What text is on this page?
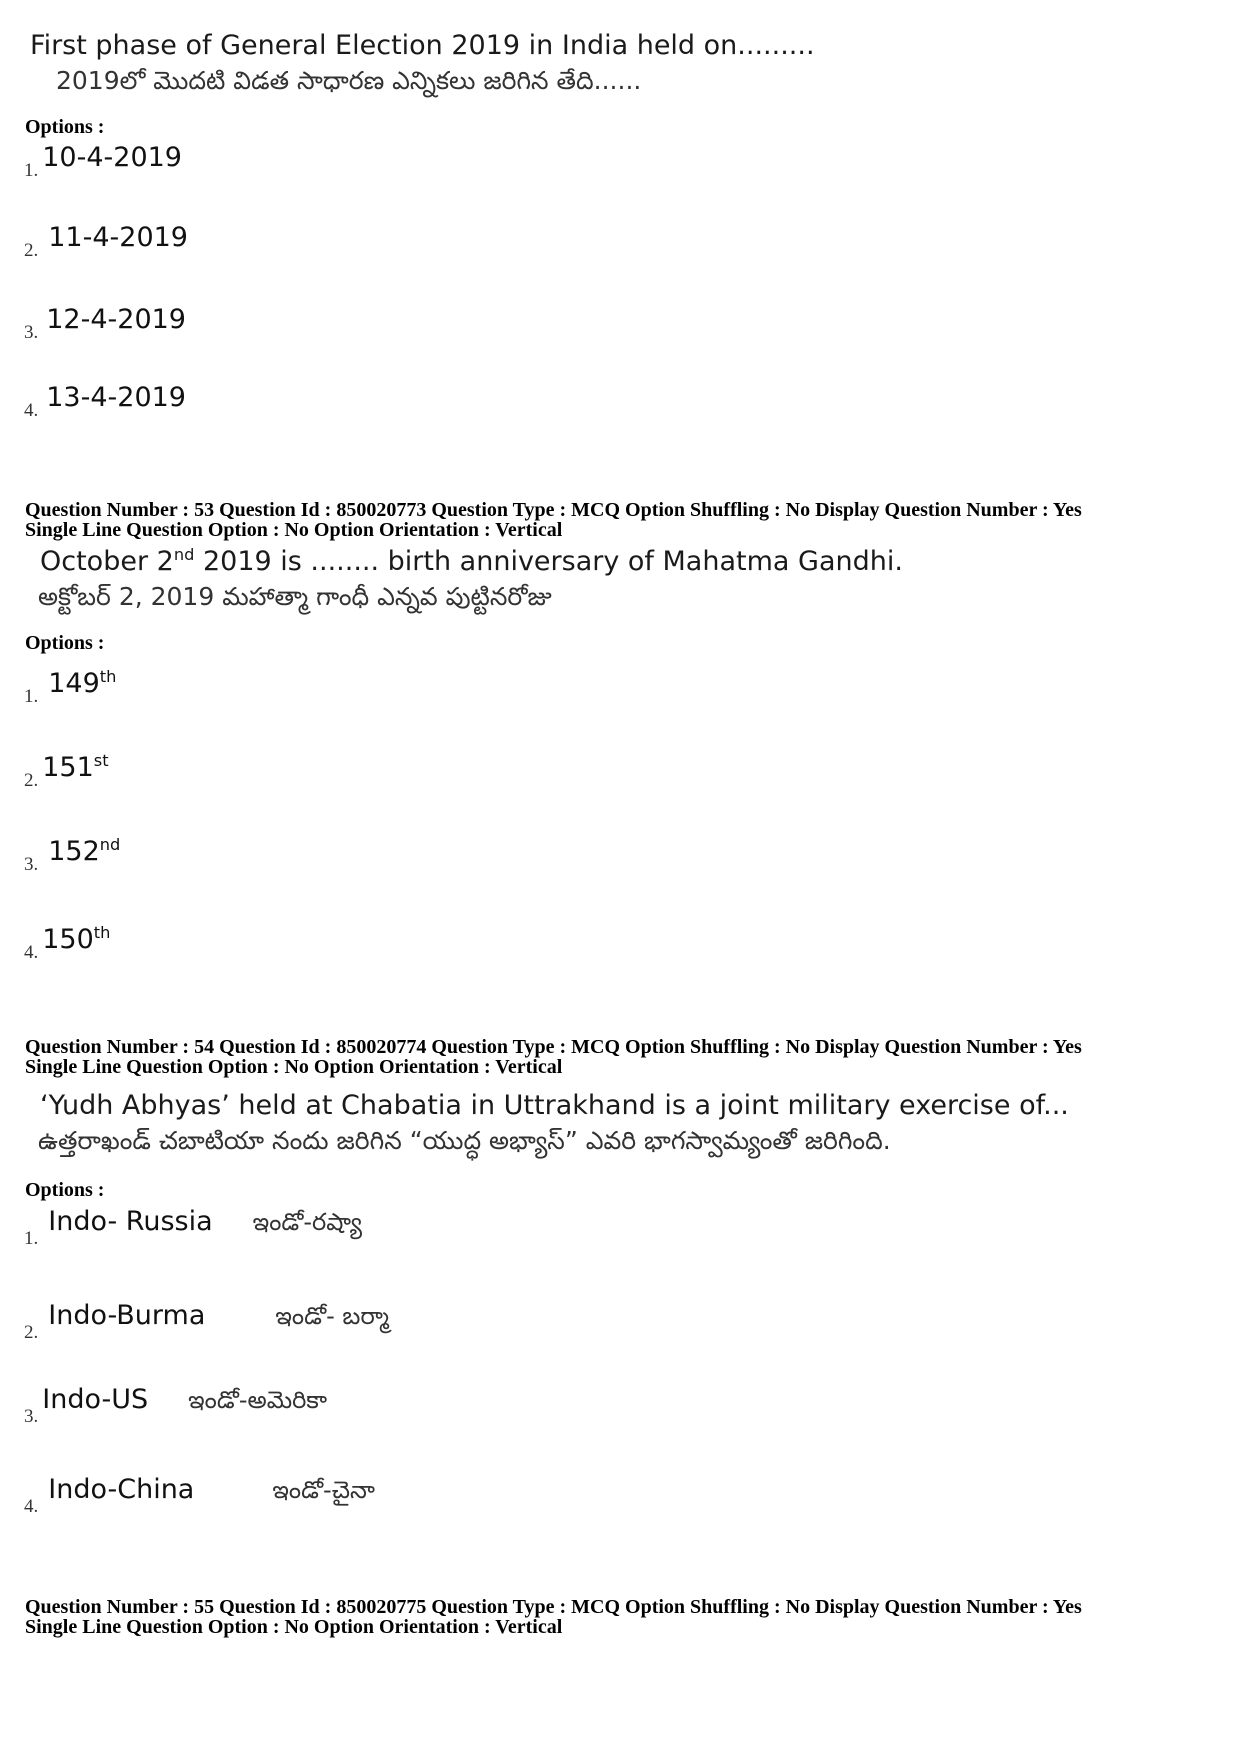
First phase of General Election 2019 in India held on.........
2019లో మొదటి విడత సాధారణ ఎన్నికలు జరిగిన తేది......
Options :
1. 10-4-2019
2. 11-4-2019
3. 12-4-2019
4. 13-4-2019
Question Number : 53 Question Id : 850020773 Question Type : MCQ Option Shuffling : No Display Question Number : Yes
Single Line Question Option : No Option Orientation : Vertical
October 2nd 2019 is ........ birth anniversary of Mahatma Gandhi.
అక్టోబర్ 2, 2019 మహాత్మా గాంధీ ఎన్నవ పుట్టినరోజు
Options :
1. 149th
2. 151st
3. 152nd
4. 150th
Question Number : 54 Question Id : 850020774 Question Type : MCQ Option Shuffling : No Display Question Number : Yes
Single Line Question Option : No Option Orientation : Vertical
‘Yudh Abhyas’ held at Chabatia in Uttrakhand is a joint military exercise of...
ఉత్తరాఖండ్ చబాటియా నందు జరిగిన “యుద్ధ అభ్యాస్” ఎవరి భాగస్వామ్యంతో జరిగింది.
Options :
1. Indo- Russia ఇండో-రష్యా
2. Indo-Burma	ఇండో- బర్మా
3. Indo-US ఇండో-అమెరికా
4. Indo-China	ఇండో-చైనా
Question Number : 55 Question Id : 850020775 Question Type : MCQ Option Shuffling : No Display Question Number : Yes
Single Line Question Option : No Option Orientation : Vertical
